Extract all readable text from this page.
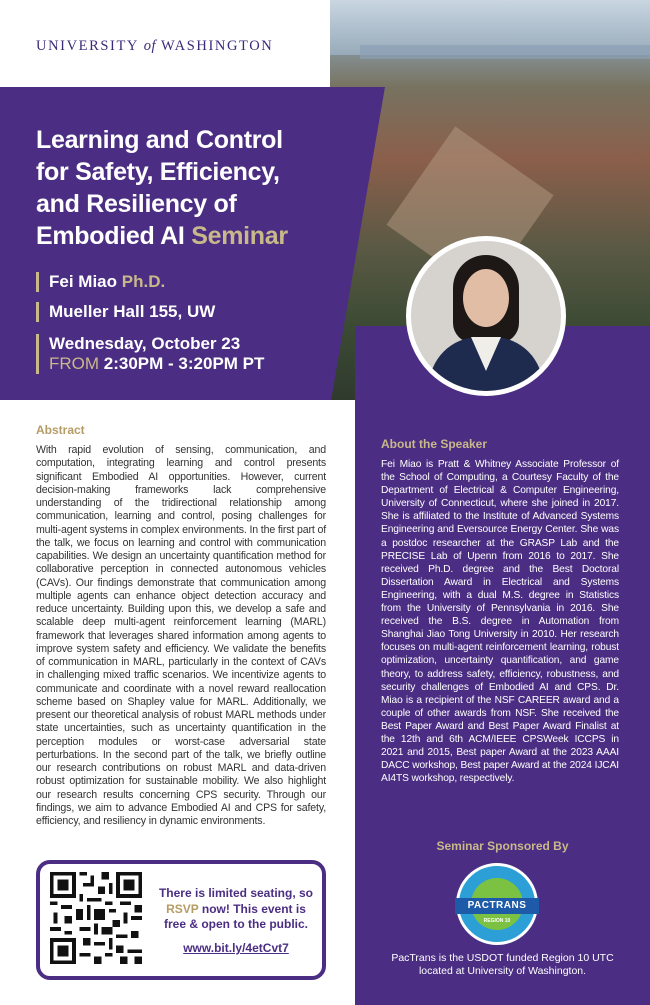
UNIVERSITY of WASHINGTON
Learning and Control
for Safety, Efficiency,
and Resiliency of
Embodied AI Seminar
Fei Miao Ph.D.
Mueller Hall 155, UW
Wednesday, October 23
FROM 2:30PM - 3:20PM PT
Abstract
With rapid evolution of sensing, communication, and computation, integrating learning and control presents significant Embodied AI opportunities. However, current decision-making frameworks lack comprehensive understanding of the tridirectional relationship among communication, learning and control, posing challenges for multi-agent systems in complex environments. In the first part of the talk, we focus on learning and control with communication capabilities. We design an uncertainty quantification method for collaborative perception in connected autonomous vehicles (CAVs). Our findings demonstrate that communication among multiple agents can enhance object detection accuracy and reduce uncertainty. Building upon this, we develop a safe and scalable deep multi-agent reinforcement learning (MARL) framework that leverages shared information among agents to improve system safety and efficiency. We validate the benefits of communication in MARL, particularly in the context of CAVs in challenging mixed traffic scenarios. We incentivize agents to communicate and coordinate with a novel reward reallocation scheme based on Shapley value for MARL. Additionally, we present our theoretical analysis of robust MARL methods under state uncertainties, such as uncertainty quantification in the perception modules or worst-case adversarial state perturbations. In the second part of the talk, we briefly outline our research contributions on robust MARL and data-driven robust optimization for sustainable mobility. We also highlight our research results concerning CPS security. Through our findings, we aim to advance Embodied AI and CPS for safety, efficiency, and resiliency in dynamic environments.
About the Speaker
Fei Miao is Pratt & Whitney Associate Professor of the School of Computing, a Courtesy Faculty of the Department of Electrical & Computer Engineering, University of Connecticut, where she joined in 2017. She is affiliated to the Institute of Advanced Systems Engineering and Eversource Energy Center. She was a postdoc researcher at the GRASP Lab and the PRECISE Lab of Upenn from 2016 to 2017. She received Ph.D. degree and the Best Doctoral Dissertation Award in Electrical and Systems Engineering, with a dual M.S. degree in Statistics from the University of Pennsylvania in 2016. She received the B.S. degree in Automation from Shanghai Jiao Tong University in 2010. Her research focuses on multi-agent reinforcement learning, robust optimization, uncertainty quantification, and game theory, to address safety, efficiency, robustness, and security challenges of Embodied AI and CPS. Dr. Miao is a recipient of the NSF CAREER award and a couple of other awards from NSF. She received the Best Paper Award and Best Paper Award Finalist at the 12th and 6th ACM/IEEE CPSWeek ICCPS in 2021 and 2015, Best paper Award at the 2023 AAAI DACC workshop, Best paper Award at the 2024 IJCAI AI4TS workshop, respectively.
Seminar Sponsored By
PACTRANS
REGION 10
PacTrans is the USDOT funded Region 10 UTC located at University of Washington.
There is limited seating, so
RSVP now! This event is
free & open to the public.
www.bit.ly/4etCvt7
